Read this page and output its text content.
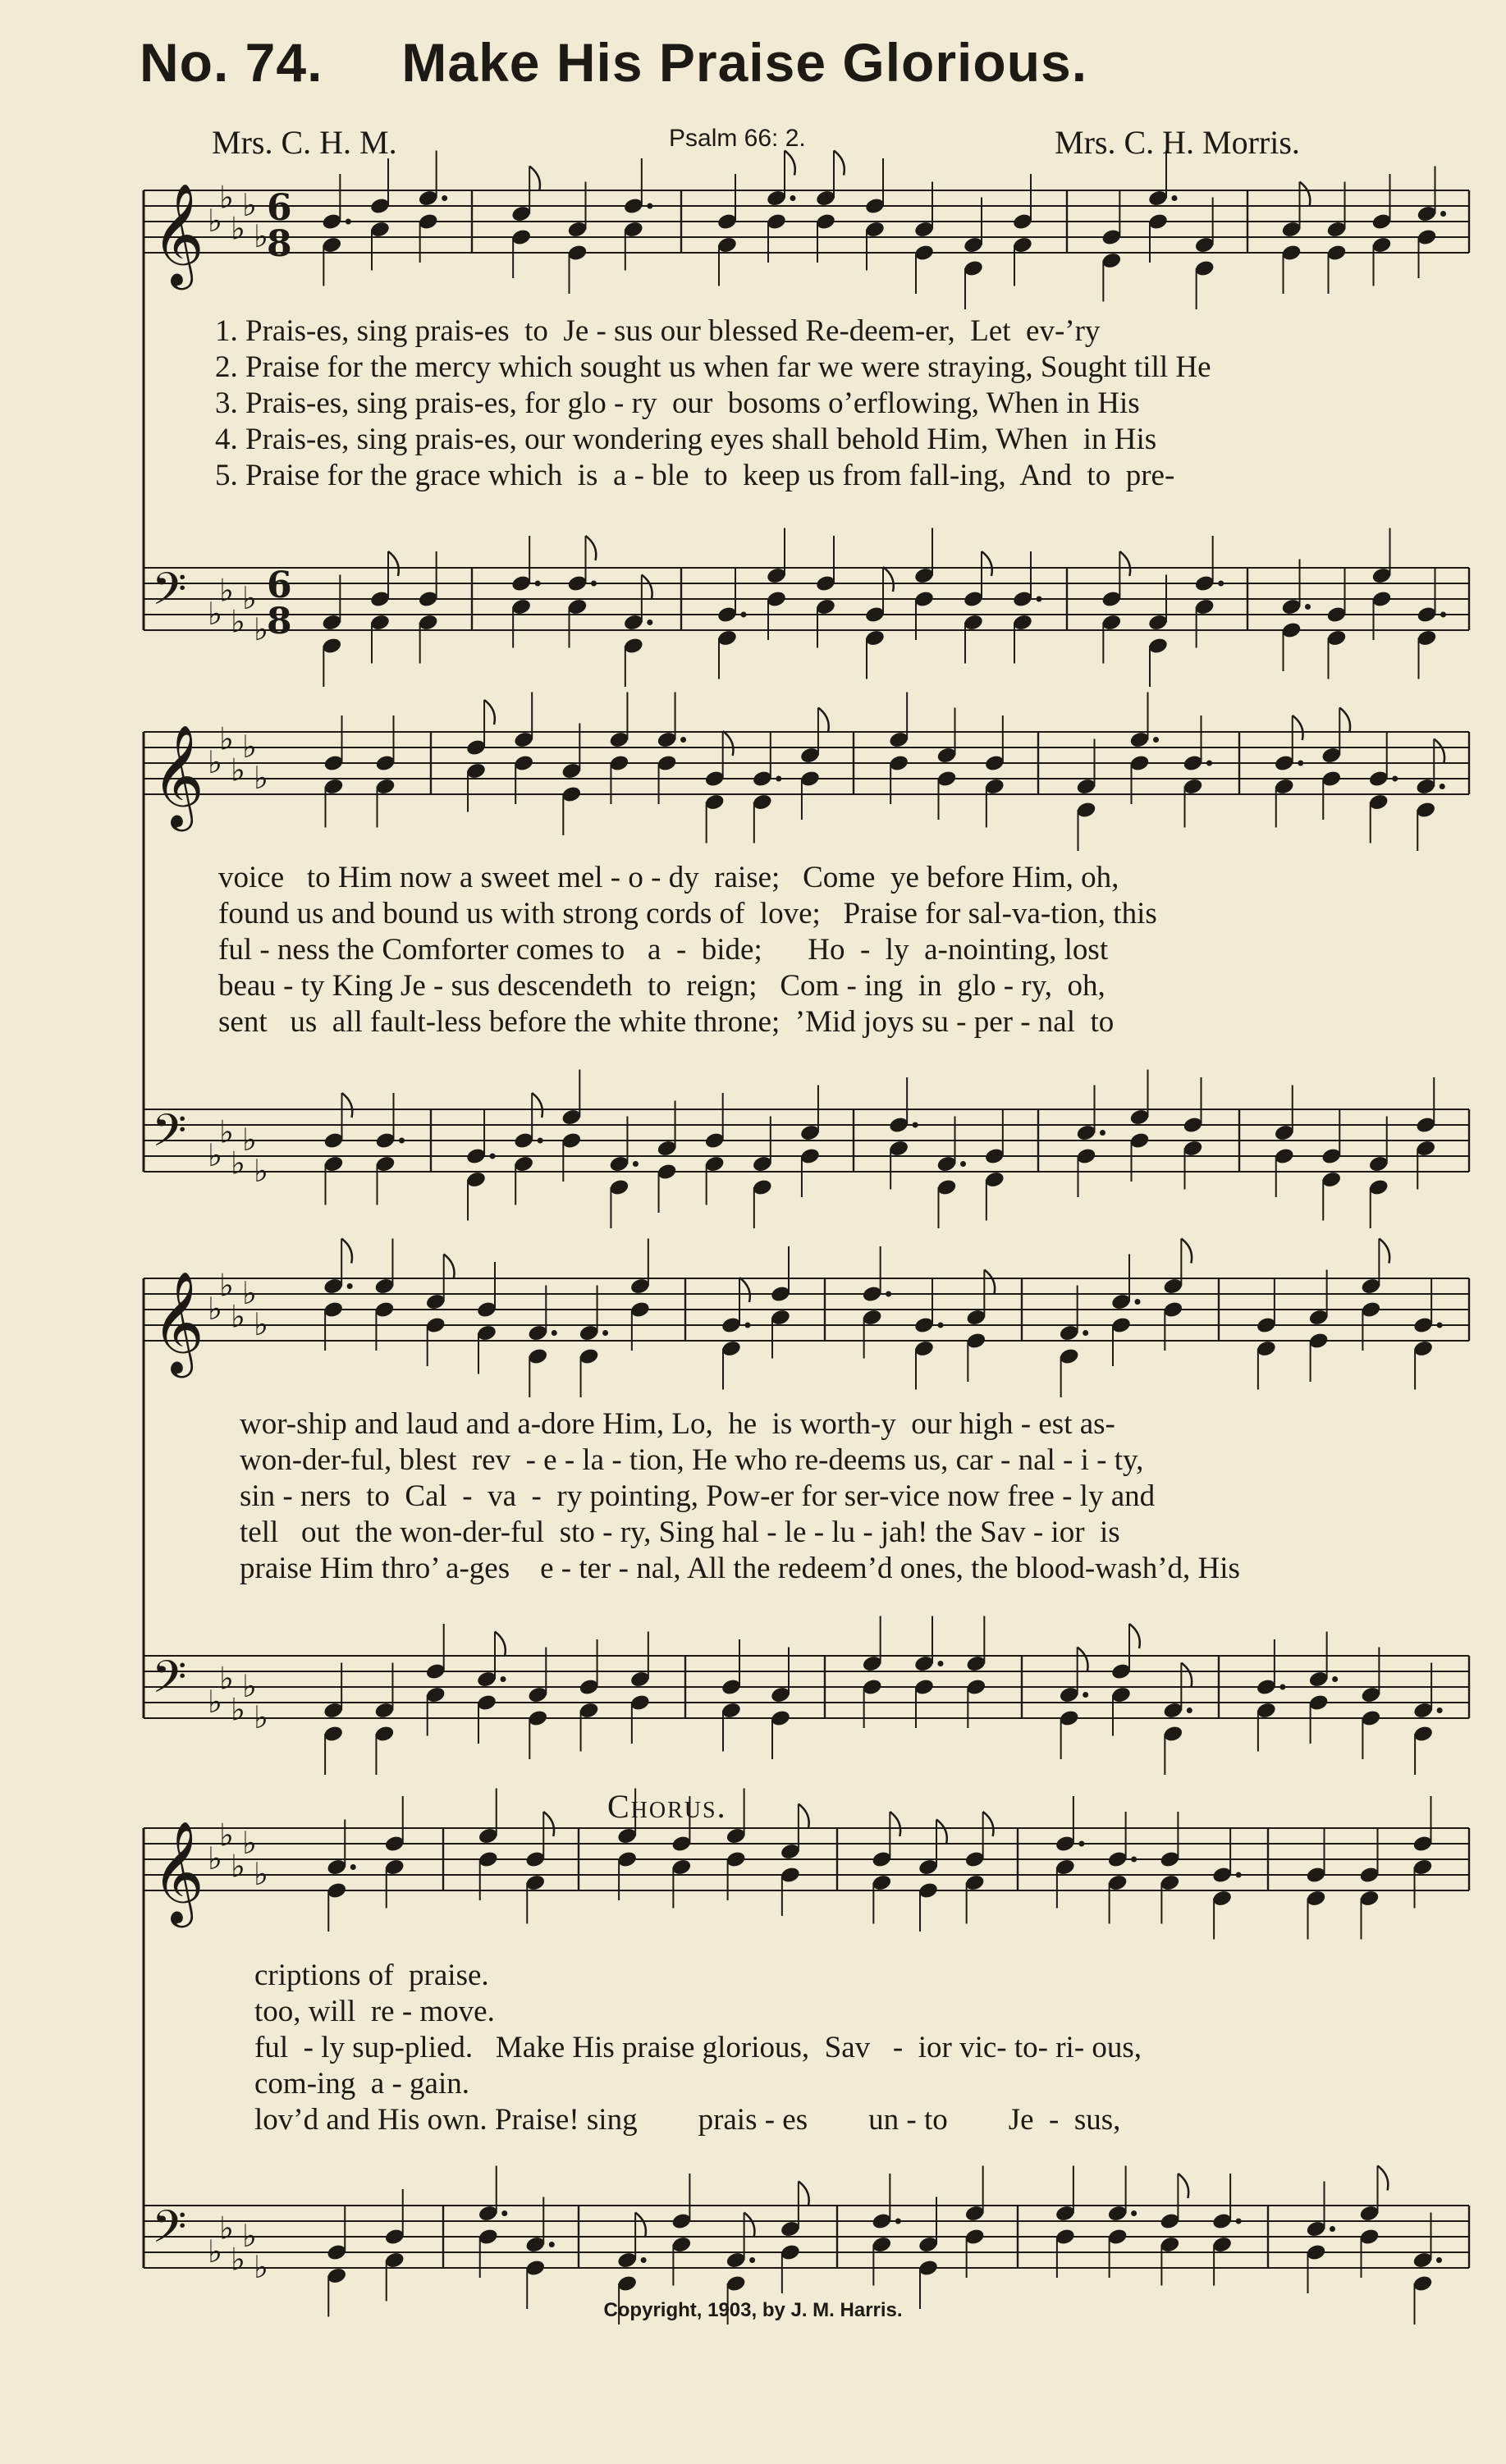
No. 74. Make His Praise Glorious.
Mrs. C. H. M.	Psalm 66: 2.	Mrs. C. H. Morris.
𝄞 ♭
♭
♭
♭
♭
6
8
𝄢 ♭
♭
♭
♭
♭
6
8
𝄞 ♭
♭
♭
♭
♭
𝄢 ♭
♭
♭
♭
♭
𝄞 ♭
♭
♭
♭
♭
𝄢 ♭
♭
♭
♭
♭
𝄞 ♭
♭
♭
♭
♭
𝄢 ♭
♭
♭
♭
♭
1. Prais-es, sing prais-es  to  Je - sus our blessed Re-deem-er,  Let  ev-’ry
2. Praise for the mercy which sought us when far we were straying, Sought till He
3. Prais-es, sing prais-es, for glo - ry  our  bosoms o’erflowing, When in His
4. Prais-es, sing prais-es, our wondering eyes shall behold Him, When  in His
5. Praise for the grace which  is  a - ble  to  keep us from fall-ing,  And  to  pre-
voice   to Him now a sweet mel - o - dy  raise;   Come  ye before Him, oh,
found us and bound us with strong cords of  love;   Praise for sal-va-tion, this
ful - ness the Comforter comes to   a  -  bide;      Ho  -  ly  a-nointing, lost
beau - ty King Je - sus descendeth  to  reign;   Com - ing  in  glo - ry,  oh,
sent   us  all fault-less before the white throne;  ’Mid joys su - per - nal  to
wor-ship and laud and a-dore Him, Lo,  he  is worth-y  our high - est as-
won-der-ful, blest  rev  - e - la - tion, He who re-deems us, car - nal - i - ty,
sin - ners  to  Cal  -  va  -  ry pointing, Pow-er for ser-vice now free - ly and
tell   out  the won-der-ful  sto - ry, Sing hal - le - lu - jah! the Sav - ior  is
praise Him thro’ a-ges    e - ter - nal, All the redeem’d ones, the blood-wash’d, His
Chorus.
criptions of  praise.
too, will  re - move.
ful  - ly sup-plied.   Make His praise glorious,  Sav   -  ior vic- to- ri- ous,
com-ing  a - gain.
lov’d and His own. Praise! sing        prais - es        un - to        Je  -  sus,
Copyright, 1903, by J. M. Harris.
